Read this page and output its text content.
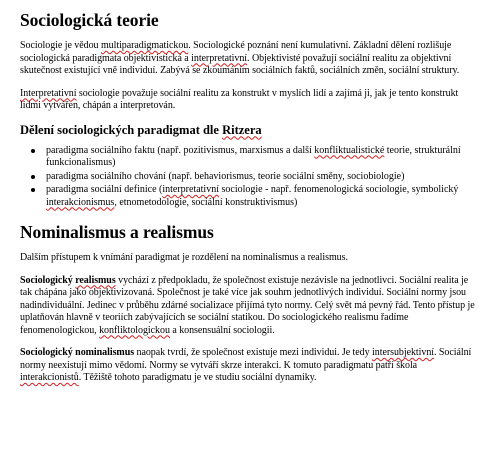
Sociologická teorie

Sociologie je vědou multiparadigmatickou. Sociologické poznání není kumulativní. Základní dělení rozlišuje sociologická paradigmata objektivistická a interpretativní. Objektivisté považují sociální realitu za objektivní skutečnost existující vně individuí. Zabývá se zkoumáním sociálních faktů, sociálních změn, sociální struktury.

Interpretativní sociologie považuje sociální realitu za konstrukt v myslích lidí a zajímá ji, jak je tento konstrukt lidmi vytvářen, chápán a interpretován.

Dělení sociologických paradigmat dle Ritzera
paradigma sociálního faktu (např. pozitivismus, marxismus a další konfliktualistické teorie, strukturální funkcionalismus)
paradigma sociálního chování (např. behaviorismus, teorie sociální směny, sociobiologie)
paradigma sociální definice (interpretativní sociologie - např. fenomenologická sociologie, symbolický interakcionismus, etnometodologie, sociální konstruktivismus)
Nominalismus a realismus

Dalším přístupem k vnímání paradigmat je rozdělení na nominalismus a realismus.

Sociologický realismus vychází z předpokladu, že společnost existuje nezávisle na jednotlivci. Sociální realita je tak chápána jako objektivizovaná. Společnost je také více jak souhrn jednotlivých individuí. Sociální normy jsou nadindividuální. Jedinec v průběhu zdárné socializace přijímá tyto normy. Celý svět má pevný řád. Tento přístup je uplatňován hlavně v teoriích zabývajících se sociální statikou. Do sociologického realismu řadíme fenomenologickou, konfliktologickou a konsensuální sociologii.

Sociologický nominalismus naopak tvrdí, že společnost existuje mezi individui. Je tedy intersubjektivní. Sociální normy neexistují mimo vědomí. Normy se vytváří skrze interakci. K tomuto paradigmatu patří škola interakcionistů. Těžiště tohoto paradigmatu je ve studiu sociální dynamiky.
